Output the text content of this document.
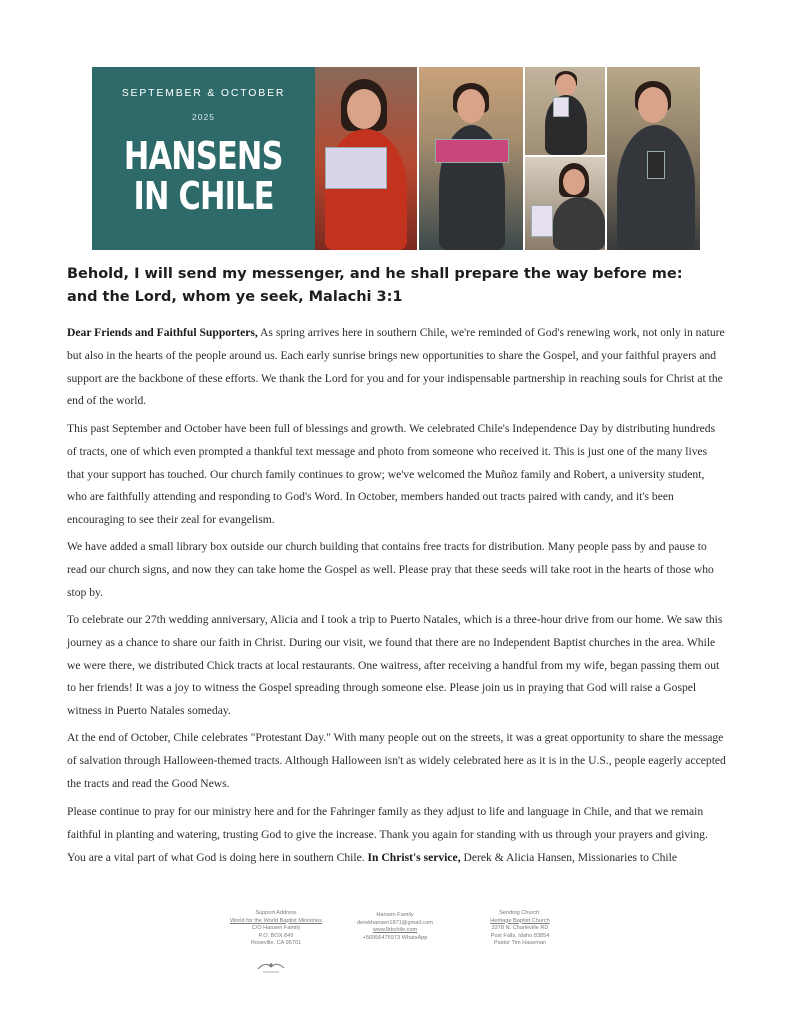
SEPTEMBER & OCTOBER
2025
HANSENS
IN CHILE
Behold, I will send my messenger, and he shall prepare the way before me: and the Lord, whom ye seek, Malachi 3:1

Dear Friends and Faithful Supporters, As spring arrives here in southern Chile, we're reminded of God's renewing work, not only in nature but also in the hearts of the people around us. Each early sunrise brings new opportunities to share the Gospel, and your faithful prayers and support are the backbone of these efforts. We thank the Lord for you and for your indispensable partnership in reaching souls for Christ at the end of the world.

This past September and October have been full of blessings and growth. We celebrated Chile's Independence Day by distributing hundreds of tracts, one of which even prompted a thankful text message and photo from someone who received it. This is just one of the many lives that your support has touched. Our church family continues to grow; we've welcomed the Muñoz family and Robert, a university student, who are faithfully attending and responding to God's Word. In October, members handed out tracts paired with candy, and it's been encouraging to see their zeal for evangelism.

We have added a small library box outside our church building that contains free tracts for distribution. Many people pass by and pause to read our church signs, and now they can take home the Gospel as well. Please pray that these seeds will take root in the hearts of those who stop by.

To celebrate our 27th wedding anniversary, Alicia and I took a trip to Puerto Natales, which is a three-hour drive from our home. We saw this journey as a chance to share our faith in Christ. During our visit, we found that there are no Independent Baptist churches in the area. While we were there, we distributed Chick tracts at local restaurants. One waitress, after receiving a handful from my wife, began passing them out to her friends! It was a joy to witness the Gospel spreading through someone else. Please join us in praying that God will raise a Gospel witness in Puerto Natales someday.

At the end of October, Chile celebrates "Protestant Day." With many people out on the streets, it was a great opportunity to share the message of salvation through Halloween-themed tracts. Although Halloween isn't as widely celebrated here as it is in the U.S., people eagerly accepted the tracts and read the Good News.

Please continue to pray for our ministry here and for the Fahringer family as they adjust to life and language in Chile, and that we remain faithful in planting and watering, trusting God to give the increase. Thank you again for standing with us through your prayers and giving. You are a vital part of what God is doing here in southern Chile. In Christ's service, Derek & Alicia Hansen, Missionaries to Chile

Support Address
World for the World Baptist Ministries
C/O Hansen Family
P.O. BOX 849
Roseville, CA 95761
Hansen Family
derekhansen1871@gmail.com
www.lbbchile.com
+56956475973 WhatsApp
Sending Church:
Heritage Baptist Church
3378 N. Charleville RD
Post Falls, Idaho 83854
Pastor Tim Haseman
